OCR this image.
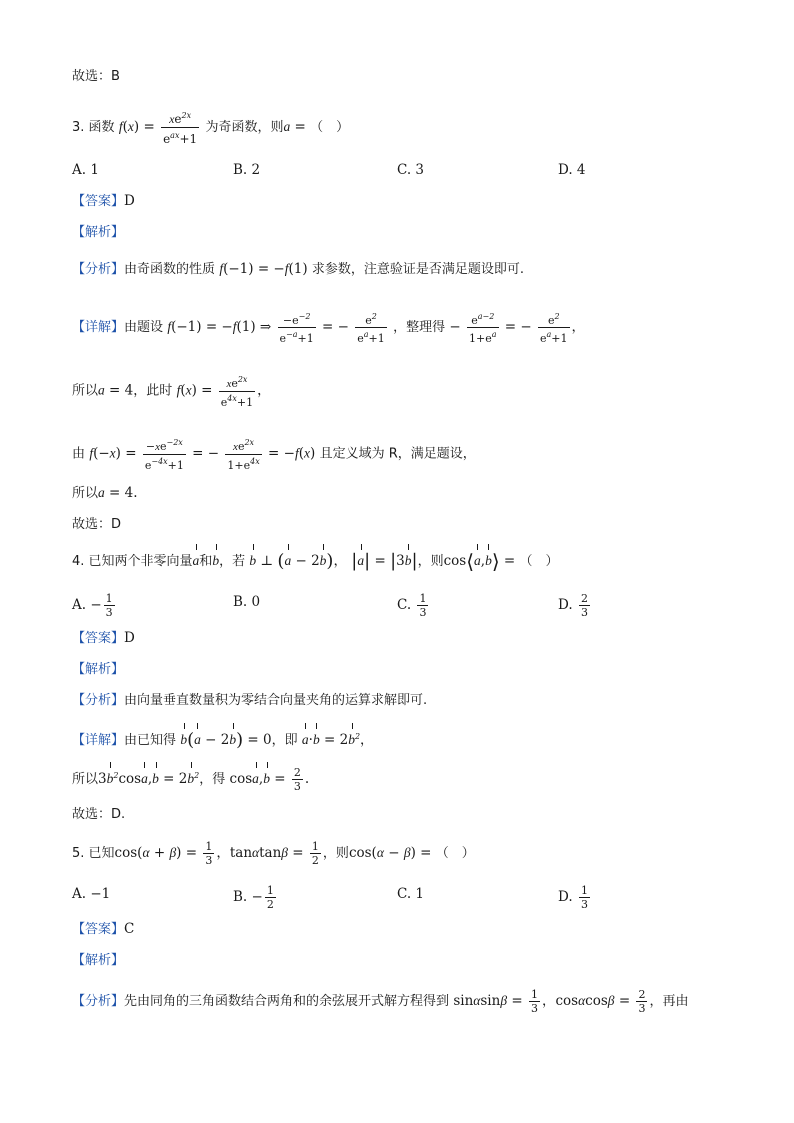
故选：B
3. 函数 $f(x) = \frac{xe^{2x}}{e^{ax}+1}$ 为奇函数，则a = （　）
A. 1	B. 2	C. 3	D. 4
【答案】D
【解析】
【分析】由奇函数的性质 f(−1) = −f(1) 求参数，注意验证是否满足题设即可.
【详解】由题设 f(−1) = −f(1) ⇒ $\frac{-e^{-2}}{e^{-a}+1}$ = − $\frac{e^2}{e^a+1}$ ，整理得 − $\frac{e^{a-2}}{1+e^a}$ = − $\frac{e^2}{e^a+1}$ ，
所以a = 4，此时 $f(x) = \frac{xe^{2x}}{e^{4x}+1}$ ，
由 $f(-x) = \frac{-xe^{-2x}}{e^{-4x}+1}$ = − $\frac{xe^{2x}}{1+e^{4x}} = -f(x)$ 且定义域为 R，满足题设，
所以a = 4.
故选：D
4. 已知两个非零向量a和b，若 b ⊥ (a − 2b)， |a| = |3b|，则cos⟨a,b⟩ = （　）
A. − $\frac{1}{3}$	B. 0	C. $\frac{1}{3}$	D. $\frac{2}{3}$
【答案】D
【解析】
【分析】由向量垂直数量积为零结合向量夹角的运算求解即可.
【详解】由已知得 b(a − 2b) = 0，即 $a\cdot b = 2b^2$，
所以$3b^2\cos a,b = 2b^2$，得 $\cos a,b = \frac{2}{3}$ .
故选：D.
5. 已知$\cos(\alpha + \beta) = \frac{1}{3}$ ，$\tan\alpha\tan\beta = \frac{1}{2}$ ，则cos(α − β) = （　）
A. −1	B. − $\frac{1}{2}$	C. 1	D. $\frac{1}{3}$
【答案】C
【解析】
【分析】先由同角的三角函数结合两角和的余弦展开式解方程得到 $\sin\alpha\sin\beta = \frac{1}{3}$ ，$\cos\alpha\cos\beta = \frac{2}{3}$ ，再由
